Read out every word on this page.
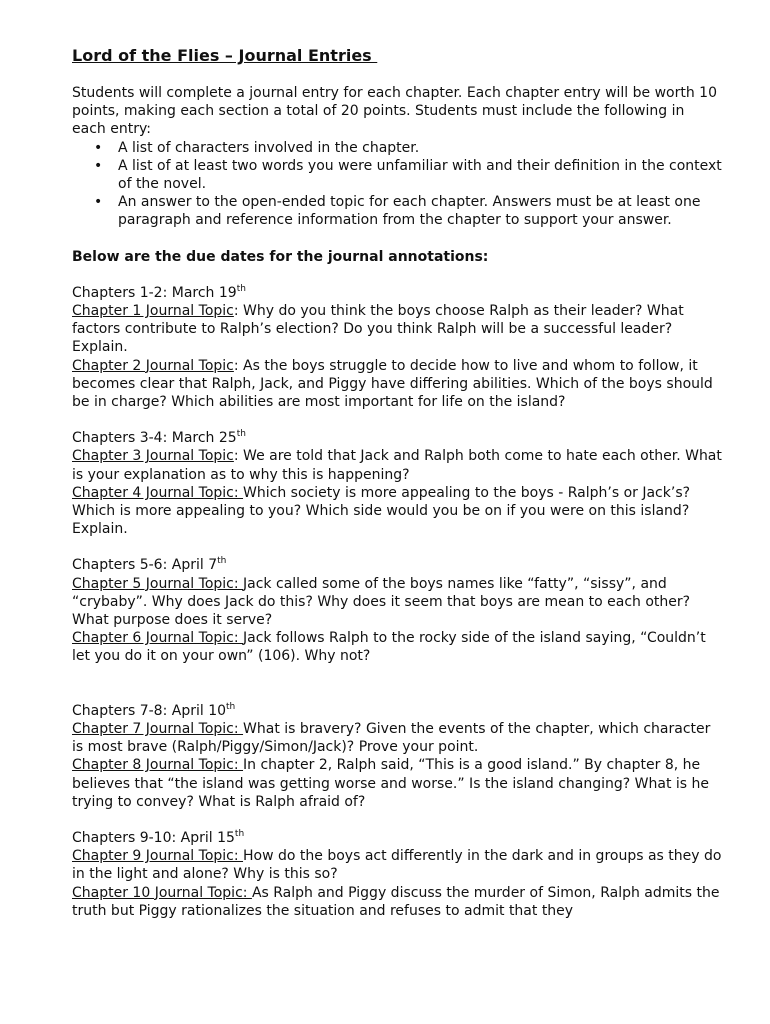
Lord of the Flies – Journal Entries

Students will complete a journal entry for each chapter. Each chapter entry will be worth 10 points, making each section a total of 20 points. Students must include the following in each entry:

• A list of characters involved in the chapter.
• A list of at least two words you were unfamiliar with and their definition in the context of the novel.
• An answer to the open-ended topic for each chapter. Answers must be at least one paragraph and reference information from the chapter to support your answer.
Below are the due dates for the journal annotations:

Chapters 1-2: March 19th

Chapter 1 Journal Topic: Why do you think the boys choose Ralph as their leader? What factors contribute to Ralph’s election? Do you think Ralph will be a successful leader? Explain.

Chapter 2 Journal Topic: As the boys struggle to decide how to live and whom to follow, it becomes clear that Ralph, Jack, and Piggy have differing abilities. Which of the boys should be in charge? Which abilities are most important for life on the island?

Chapters 3-4: March 25th

Chapter 3 Journal Topic: We are told that Jack and Ralph both come to hate each other. What is your explanation as to why this is happening?

Chapter 4 Journal Topic: Which society is more appealing to the boys - Ralph’s or Jack’s? Which is more appealing to you? Which side would you be on if you were on this island? Explain.

Chapters 5-6: April 7th

Chapter 5 Journal Topic: Jack called some of the boys names like “fatty”, “sissy”, and “crybaby”. Why does Jack do this? Why does it seem that boys are mean to each other? What purpose does it serve?

Chapter 6 Journal Topic: Jack follows Ralph to the rocky side of the island saying, “Couldn’t let you do it on your own” (106). Why not?

Chapters 7-8: April 10th

Chapter 7 Journal Topic: What is bravery? Given the events of the chapter, which character is most brave (Ralph/Piggy/Simon/Jack)? Prove your point.

Chapter 8 Journal Topic: In chapter 2, Ralph said, “This is a good island.” By chapter 8, he believes that “the island was getting worse and worse.” Is the island changing? What is he trying to convey? What is Ralph afraid of?

Chapters 9-10: April 15th

Chapter 9 Journal Topic: How do the boys act differently in the dark and in groups as they do in the light and alone? Why is this so?

Chapter 10 Journal Topic: As Ralph and Piggy discuss the murder of Simon, Ralph admits the truth but Piggy rationalizes the situation and refuses to admit that they
